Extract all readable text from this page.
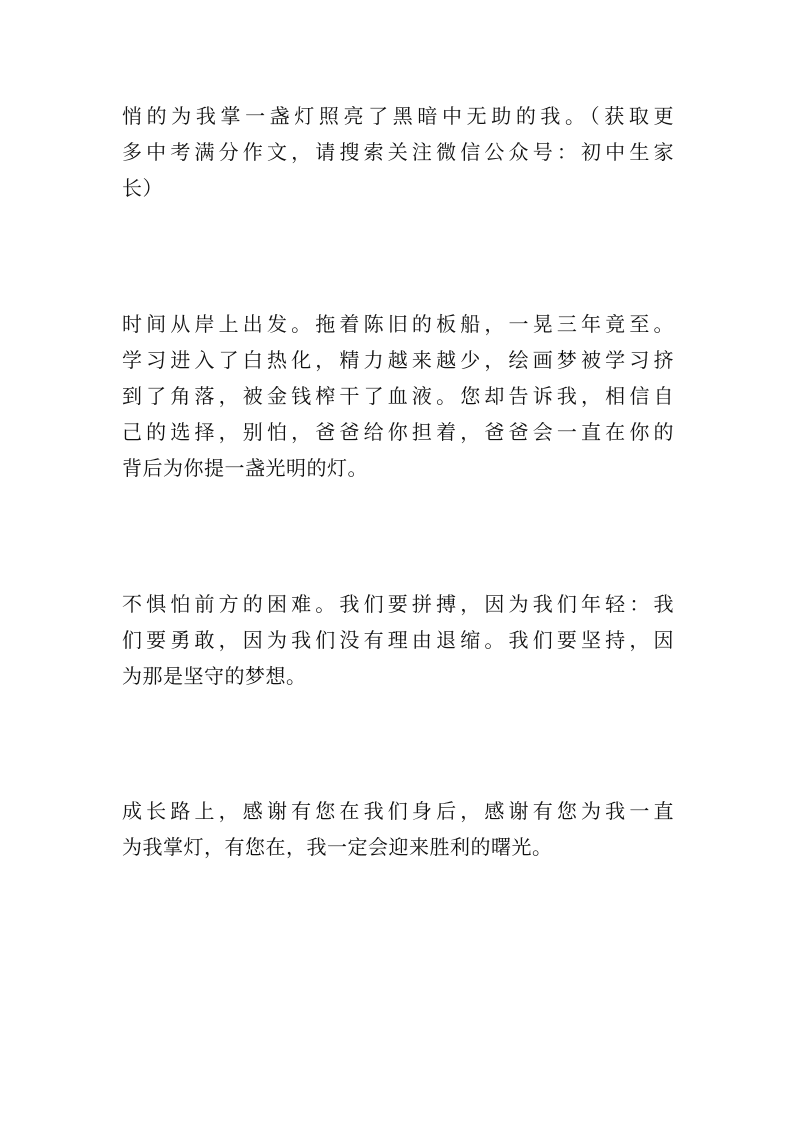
悄的为我掌一盏灯照亮了黑暗中无助的我。（获取更
多中考满分作文，请搜索关注微信公众号：初中生家
长）

时间从岸上出发。拖着陈旧的板船，一晃三年竟至。
学习进入了白热化，精力越来越少，绘画梦被学习挤
到了角落，被金钱榨干了血液。您却告诉我，相信自
己的选择，别怕，爸爸给你担着，爸爸会一直在你的
背后为你提一盏光明的灯。

不惧怕前方的困难。我们要拼搏，因为我们年轻：我
们要勇敢，因为我们没有理由退缩。我们要坚持，因
为那是坚守的梦想。

成长路上，感谢有您在我们身后，感谢有您为我一直
为我掌灯，有您在，我一定会迎来胜利的曙光。
